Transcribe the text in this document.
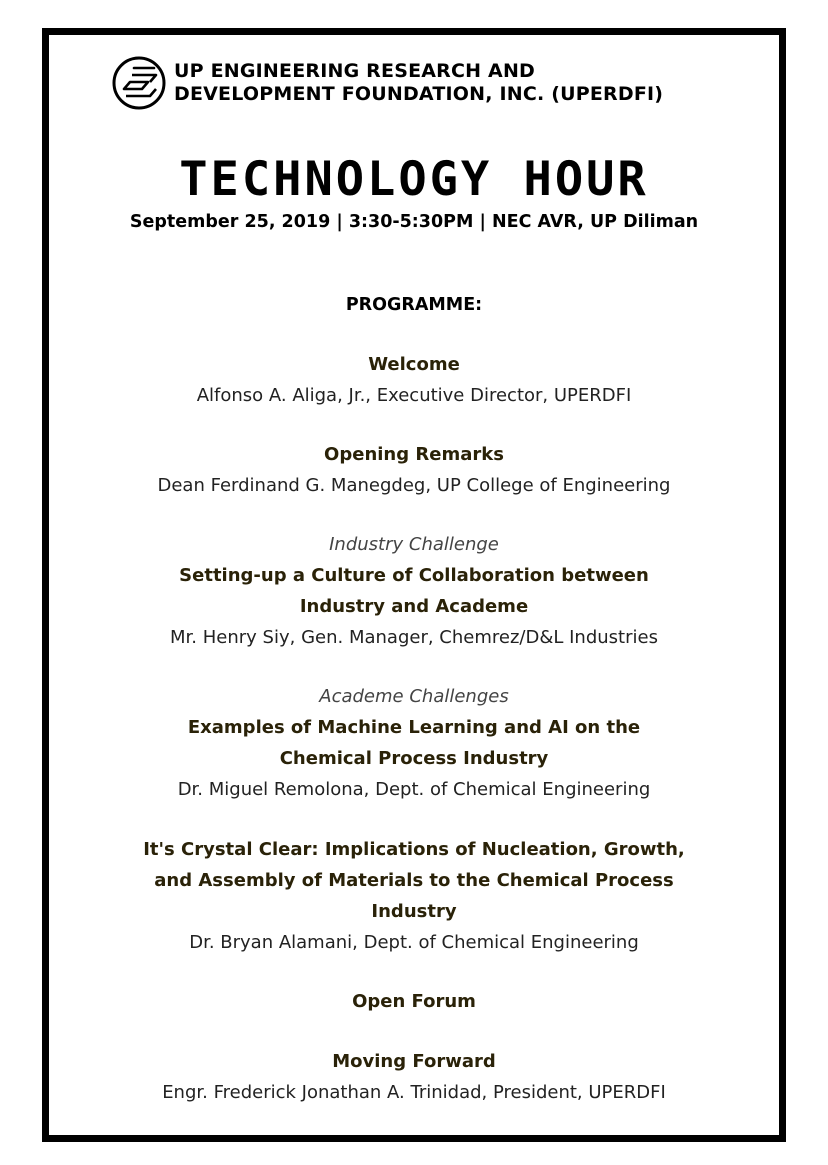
UP ENGINEERING RESEARCH AND
DEVELOPMENT FOUNDATION, INC. (UPERDFI)
TECHNOLOGY HOUR
September 25, 2019 | 3:30-5:30PM | NEC AVR, UP Diliman
PROGRAMME:
Welcome
Alfonso A. Aliga, Jr., Executive Director, UPERDFI
Opening Remarks
Dean Ferdinand G. Manegdeg, UP College of Engineering
Industry Challenge
Setting-up a Culture of Collaboration between
Industry and Academe
Mr. Henry Siy, Gen. Manager, Chemrez/D&L Industries
Academe Challenges
Examples of Machine Learning and AI on the
Chemical Process Industry
Dr. Miguel Remolona, Dept. of Chemical Engineering
It's Crystal Clear: Implications of Nucleation, Growth,
and Assembly of Materials to the Chemical Process
Industry
Dr. Bryan Alamani, Dept. of Chemical Engineering
Open Forum
Moving Forward
Engr. Frederick Jonathan A. Trinidad, President, UPERDFI
